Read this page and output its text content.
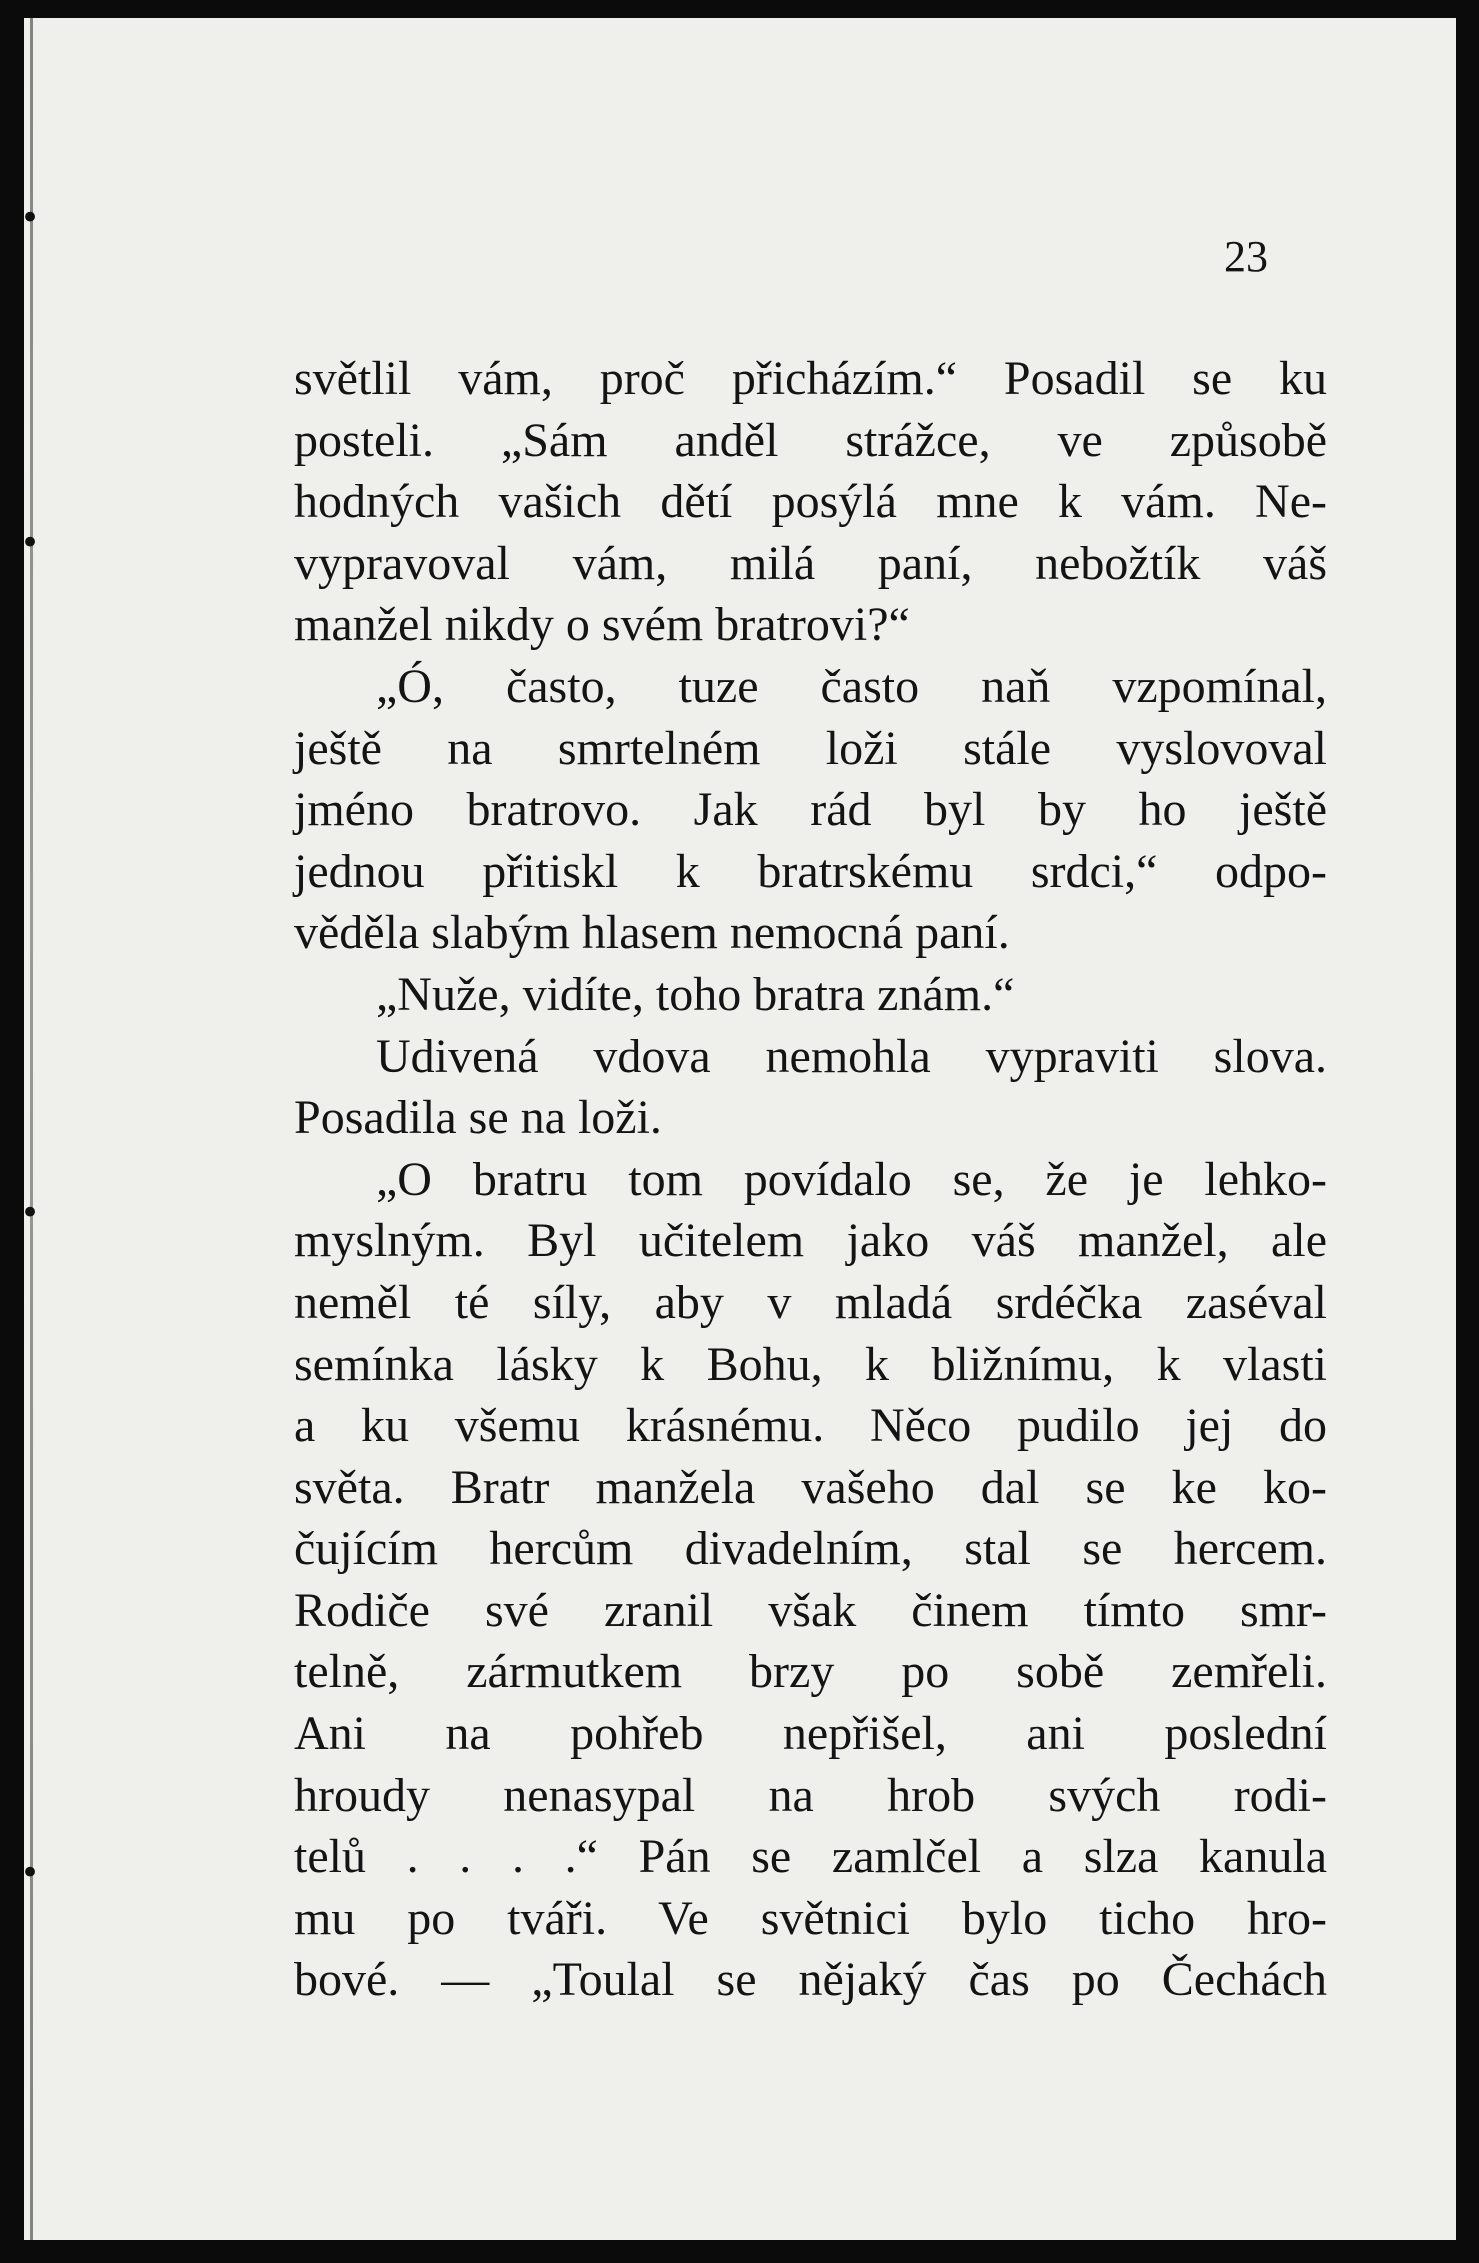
•
•
•
•
23

světlil vám, proč přicházím.“ Posadil se ku
posteli. „Sám anděl strážce, ve způsobě
hodných vašich dětí posýlá mne k vám. Ne-
vypravoval vám, milá paní, nebožtík váš
manžel nikdy o svém bratrovi?“

„Ó, často, tuze často naň vzpomínal,
ještě na smrtelném loži stále vyslovoval
jméno bratrovo. Jak rád byl by ho ještě
jednou přitiskl k bratrskému srdci,“ odpo-
věděla slabým hlasem nemocná paní.

„Nuže, vidíte, toho bratra znám.“

Udivená vdova nemohla vypraviti slova.
Posadila se na loži.

„O bratru tom povídalo se, že je lehko-
myslným. Byl učitelem jako váš manžel, ale
neměl té síly, aby v mladá srdéčka zaséval
semínka lásky k Bohu, k bližnímu, k vlasti
a ku všemu krásnému. Něco pudilo jej do
světa. Bratr manžela vašeho dal se ke ko-
čujícím hercům divadelním, stal se hercem.
Rodiče své zranil však činem tímto smr-
telně, zármutkem brzy po sobě zemřeli.
Ani na pohřeb nepřišel, ani poslední
hroudy nenasypal na hrob svých rodi-
telů . . . .“ Pán se zamlčel a slza kanula
mu po tváři. Ve světnici bylo ticho hro-
bové. — „Toulal se nějaký čas po Čechách
